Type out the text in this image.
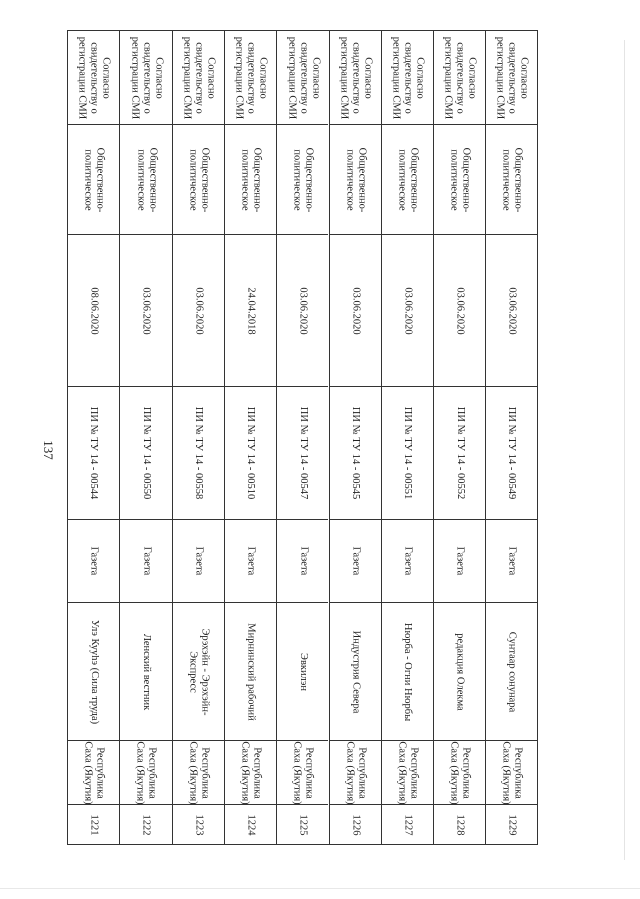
137
Согласно
свидетельству о
регистрации СМИ
Общественно-
политическое
08.06.2020
ПИ № ТУ 14 - 00544
Газета
Улэ Кууhэ (Сила труда)
Республика
Саха (Якутия)
1221
Согласно
свидетельству о
регистрации СМИ
Общественно-
политическое
03.06.2020
ПИ № ТУ 14 - 00550
Газета
Ленский вестник
Республика
Саха (Якутия)
1222
Согласно
свидетельству о
регистрации СМИ
Общественно-
политическое
03.06.2020
ПИ № ТУ 14 - 00558
Газета
Эрэхэйн - Эрэхэйн-
Экспресс
Республика
Саха (Якутия)
1223
Согласно
свидетельству о
регистрации СМИ
Общественно-
политическое
24.04.2018
ПИ № ТУ 14 - 00510
Газета
Мирнинский рабочий
Республика
Саха (Якутия)
1224
Согласно
свидетельству о
регистрации СМИ
Общественно-
политическое
03.06.2020
ПИ № ТУ 14 - 00547
Газета
Эвкилэн
Республика
Саха (Якутия)
1225
Согласно
свидетельству о
регистрации СМИ
Общественно-
политическое
03.06.2020
ПИ № ТУ 14 - 00545
Газета
Индустрия Севера
Республика
Саха (Якутия)
1226
Согласно
свидетельству о
регистрации СМИ
Общественно-
политическое
03.06.2020
ПИ № ТУ 14 - 00551
Газета
Нюрба - Огни Нюрбы
Республика
Саха (Якутия)
1227
Согласно
свидетельству о
регистрации СМИ
Общественно-
политическое
03.06.2020
ПИ № ТУ 14 - 00552
Газета
редакция Олекма
Республика
Саха (Якутия)
1228
Согласно
свидетельству о
регистрации СМИ
Общественно-
политическое
03.06.2020
ПИ № ТУ 14 - 00549
Газета
Сунтаар сонунара
Республика
Саха (Якутия)
1229
